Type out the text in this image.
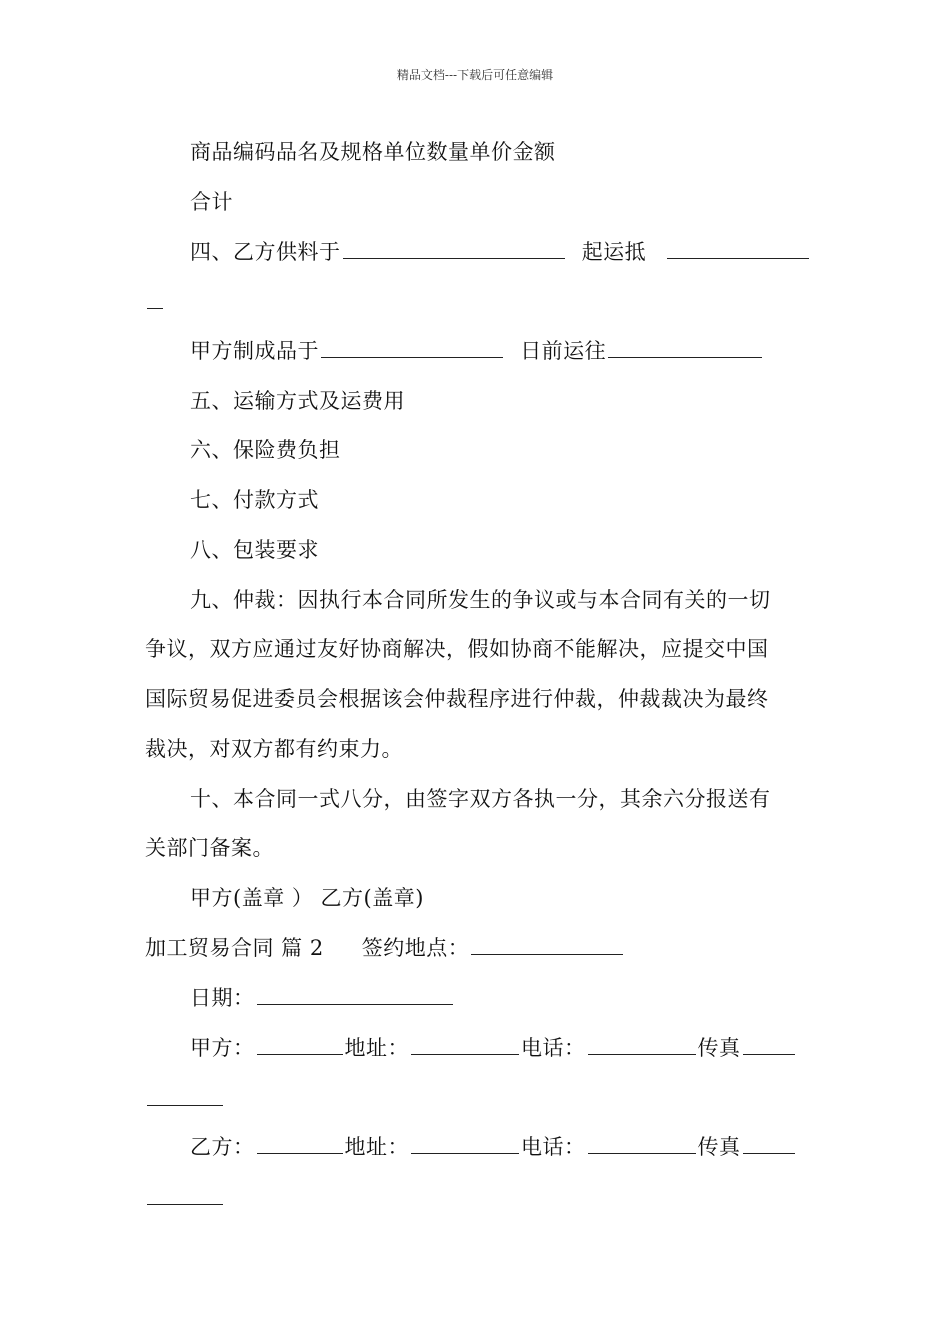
精品文档---下载后可任意编辑
商品编码品名及规格单位数量单价金额
合计
四、乙方供料于	起运抵
甲方制成品于	日前运往
五、运输方式及运费用
六、保险费负担
七、付款方式
八、包装要求
九、仲裁：因执行本合同所发生的争议或与本合同有关的一切
争议，双方应通过友好协商解决，假如协商不能解决，应提交中国
国际贸易促进委员会根据该会仲裁程序进行仲裁，仲裁裁决为最终
裁决，对双方都有约束力。
十、本合同一式八分，由签字双方各执一分，其余六分报送有
关部门备案。
甲方(盖章 ） 乙方(盖章)
加工贸易合同 篇 2 签约地点：
日期：
甲方：	地址：	电话：	传真
乙方：	地址：	电话：	传真
